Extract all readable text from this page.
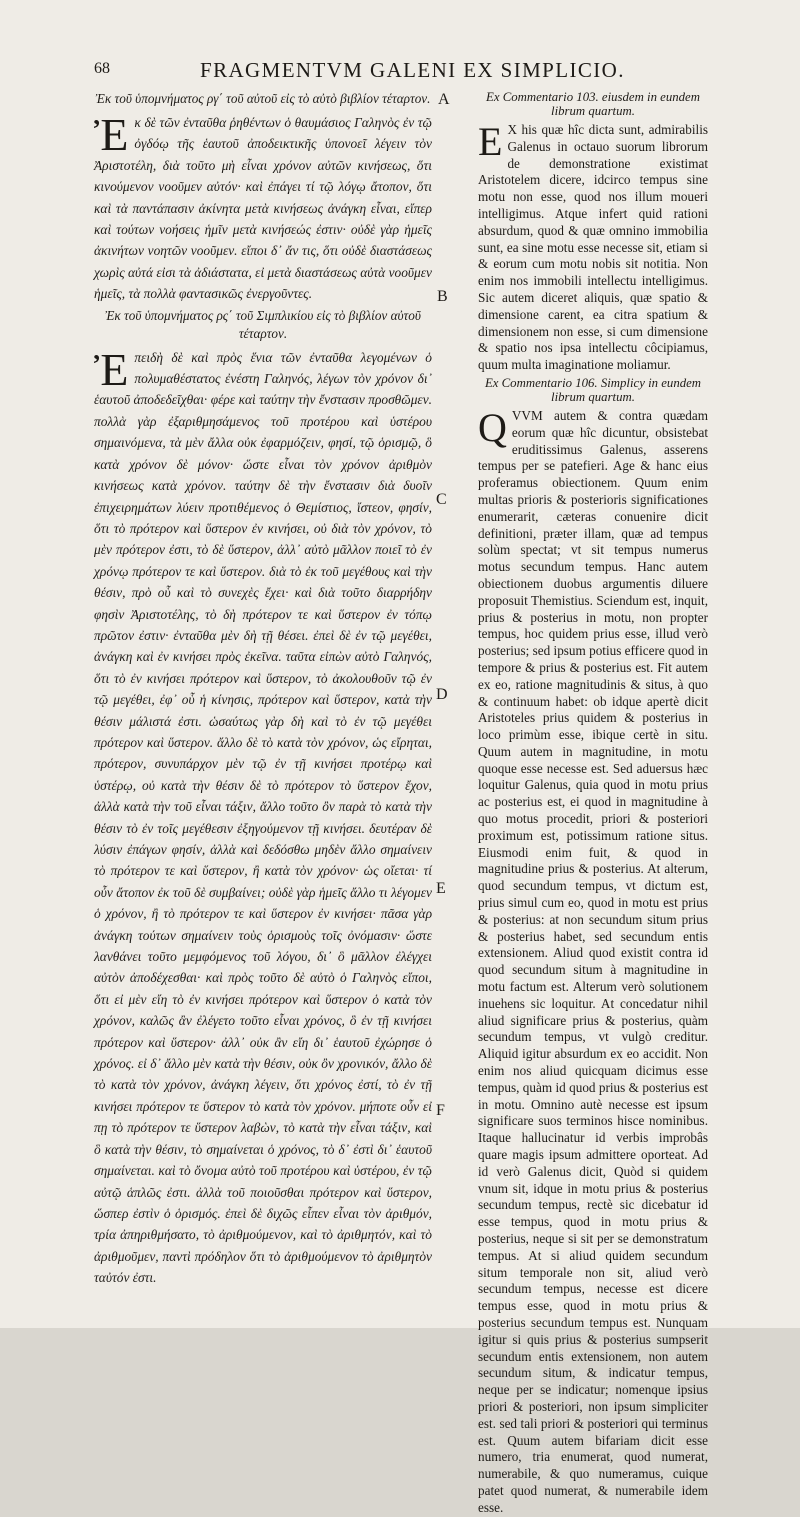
68	FRAGMENTVM GALENI EX SIMPLICIO.
A
B
C
D
E
F

Ἐκ τοῦ ὑπομνήματος ργ΄ τοῦ αὐτοῦ εἰς τὸ αὐτὸ βιβλίον τέταρτον.

Ἐκ δὲ τῶν ἐνταῦθα ῥηθέντων ὁ θαυμάσιος Γαληνὸς ἐν τῷ ὀγδόῳ τῆς ἑαυτοῦ ἀποδεικτικῆς ὑπονοεῖ λέγειν τὸν Ἀριστοτέλη, διὰ τοῦτο μὴ εἶναι χρόνον αὐτῶν κινήσεως, ὅτι κινούμενον νοοῦμεν αὐτόν· καὶ ἐπάγει τί τῷ λόγῳ ἄτοπον, ὅτι καὶ τὰ παντάπασιν ἀκίνητα μετὰ κινήσεως ἀνάγκη εἶναι, εἴπερ καὶ τούτων νοήσεις ἡμῖν μετὰ κινήσεώς ἐστιν· οὐδὲ γὰρ ἡμεῖς ἀκινήτων νοητῶν νοοῦμεν. εἴποι δ᾽ ἄν τις, ὅτι οὐδὲ διαστάσεως χωρὶς αὐτά εἰσι τὰ ἀδιάστατα, εἰ μετὰ διαστάσεως αὐτὰ νοοῦμεν ἡμεῖς, τὰ πολλὰ φαντασικῶς ἐνεργοῦντες.

Ἐκ τοῦ ὑπομνήματος ρς΄ τοῦ Σιμπλικίου εἰς τὸ βιβλίον αὐτοῦ τέταρτον.

Ἐπειδὴ δὲ καὶ πρὸς ἕνια τῶν ἐνταῦθα λεγομένων ὁ πολυμαθέστατος ἐνέστη Γαληνός, λέγων τὸν χρόνον δι᾽ ἑαυτοῦ ἀποδεδεῖχθαι· φέρε καὶ ταύτην τὴν ἔνστασιν προσθῶμεν. πολλὰ γὰρ ἐξαριθμησάμενος τοῦ προτέρου καὶ ὑστέρου σημαινόμενα, τὰ μὲν ἄλλα οὐκ ἐφαρμόζειν, φησί, τῷ ὁρισμῷ, ὃ κατὰ χρόνον δὲ μόνον· ὥστε εἶναι τὸν χρόνον ἀριθμὸν κινήσεως κατὰ χρόνον. ταύτην δὲ τὴν ἔνστασιν διὰ δυοῖν ἐπιχειρημάτων λύειν προτιθέμενος ὁ Θεμίστιος, ἴστεον, φησίν, ὅτι τὸ πρότερον καὶ ὕστερον ἐν κινήσει, οὐ διὰ τὸν χρόνον, τὸ μὲν πρότερον ἐστι, τὸ δὲ ὕστερον, ἀλλ᾽ αὐτὸ μᾶλλον ποιεῖ τὸ ἐν χρόνῳ πρότερον τε καὶ ὕστερον. διὰ τὸ ἐκ τοῦ μεγέθους καὶ τὴν θέσιν, πρὸ οὗ καὶ τὸ συνεχὲς ἔχει· καὶ διὰ τοῦτο διαρρήδην φησὶν Ἀριστοτέλης, τὸ δὴ πρότερον τε καὶ ὕστερον ἐν τόπῳ πρῶτον ἐστιν· ἐνταῦθα μὲν δὴ τῇ θέσει. ἐπεὶ δὲ ἐν τῷ μεγέθει, ἀνάγκη καὶ ἐν κινήσει πρὸς ἐκεῖνα. ταῦτα εἰπὼν αὐτὸ Γαληνός, ὅτι τὸ ἐν κινήσει πρότερον καὶ ὕστερον, τὸ ἀκολουθοῦν τῷ ἐν τῷ μεγέθει, ἐφ᾽ οὗ ἡ κίνησις, πρότερον καὶ ὕστερον, κατὰ τὴν θέσιν μάλιστά ἐστι. ὡσαύτως γὰρ δὴ καὶ τὸ ἐν τῷ μεγέθει πρότερον καὶ ὕστερον. ἄλλο δὲ τὸ κατὰ τὸν χρόνον, ὡς εἴρηται, πρότερον, συνυπάρχον μὲν τῷ ἐν τῇ κινήσει προτέρῳ καὶ ὑστέρῳ, οὐ κατὰ τὴν θέσιν δὲ τὸ πρότερον τὸ ὕστερον ἔχον, ἀλλὰ κατὰ τὴν τοῦ εἶναι τάξιν, ἄλλο τοῦτο ὂν παρὰ τὸ κατὰ τὴν θέσιν τὸ ἐν τοῖς μεγέθεσιν ἐξηγούμενον τῇ κινήσει. δευτέραν δὲ λύσιν ἐπάγων φησίν, ἀλλὰ καὶ δεδόσθω μηδὲν ἄλλο σημαίνειν τὸ πρότερον τε καὶ ὕστερον, ἢ κατὰ τὸν χρόνον· ὡς οἴεται· τί οὖν ἄτοπον ἐκ τοῦ δὲ συμβαίνει; οὐδὲ γὰρ ἡμεῖς ἄλλο τι λέγομεν ὁ χρόνον, ἢ τὸ πρότερον τε καὶ ὕστερον ἐν κινήσει· πᾶσα γὰρ ἀνάγκη τούτων σημαίνειν τοὺς ὁρισμοὺς τοῖς ὀνόμασιν· ὥστε λανθάνει τοῦτο μεμφόμενος τοῦ λόγου, δι᾽ ὃ μᾶλλον ἐλέγχει αὐτὸν ἀποδέχεσθαι· καὶ πρὸς τοῦτο δὲ αὐτὸ ὁ Γαληνὸς εἴποι, ὅτι εἰ μὲν εἴη τὸ ἐν κινήσει πρότερον καὶ ὕστερον ὁ κατὰ τὸν χρόνον, καλῶς ἂν ἐλέγετο τοῦτο εἶναι χρόνος, ὃ ἐν τῇ κινήσει πρότερον καὶ ὕστερον· ἀλλ᾽ οὐκ ἂν εἴη δι᾽ ἑαυτοῦ ἐχώρησε ὁ χρόνος. εἰ δ᾽ ἄλλο μὲν κατὰ τὴν θέσιν, οὐκ ὂν χρονικόν, ἄλλο δὲ τὸ κατὰ τὸν χρόνον, ἀνάγκη λέγειν, ὅτι χρόνος ἐστί, τὸ ἐν τῇ κινήσει πρότερον τε ὕστερον τὸ κατὰ τὸν χρόνον. μήποτε οὖν εἰ πῃ τὸ πρότερον τε ὕστερον λαβὼν, τὸ κατὰ τὴν εἶναι τάξιν, καὶ ὃ κατὰ τὴν θέσιν, τὸ σημαίνεται ὁ χρόνος, τὸ δ᾽ ἐστὶ δι᾽ ἑαυτοῦ σημαίνεται. καὶ τὸ ὄνομα αὐτὸ τοῦ προτέρου καὶ ὑστέρου, ἐν τῷ αὐτῷ ἁπλῶς ἐστι. ἀλλὰ τοῦ ποιοῦσθαι πρότερον καὶ ὕστερον, ὥσπερ ἐστὶν ὁ ὁρισμός. ἐπεὶ δὲ διχῶς εἶπεν εἶναι τὸν ἀριθμόν, τρία ἀπηριθμήσατο, τὸ ἀριθμούμενον, καὶ τὸ ἀριθμητόν, καὶ τὸ ἀριθμοῦμεν, παντὶ πρόδηλον ὅτι τὸ ἀριθμούμενον τὸ ἀριθμητὸν ταὐτόν ἐστι.

Ex Commentario 103. eiusdem in eundem librum quartum.

E X his quæ hîc dicta sunt, admirabilis Galenus in octauo suorum librorum de demonstratione existimat Aristotelem dicere, idcirco tempus sine motu non esse, quod nos illum moueri intelligimus. Atque infert quid rationi absurdum, quod & quæ omnino immobilia sunt, ea sine motu esse necesse sit, etiam si & eorum cum motu nobis sit notitia. Non enim nos immobili intellectu intelligimus. Sic autem diceret aliquis, quæ spatio & dimensione carent, ea citra spatium & dimensionem non esse, si cum dimensione & spatio nos ipsa intellectu côcipiamus, quum multa imaginatione moliamur.

Ex Commentario 106. Simplicy in eundem librum quartum.

QVVM autem & contra quædam eorum quæ hîc dicuntur, obsistebat eruditissimus Galenus, asserens tempus per se patefieri. Age & hanc eius proferamus obiectionem. Quum enim multas prioris & posterioris significationes enumerarit, cæteras conuenire dicit definitioni, præter illam, quæ ad tempus solùm spectat; vt sit tempus numerus motus secundum tempus. Hanc autem obiectionem duobus argumentis diluere proposuit Themistius. Sciendum est, inquit, prius & posterius in motu, non propter tempus, hoc quidem prius esse, illud verò posterius; sed ipsum potius efficere quod in tempore & prius & posterius est. Fit autem ex eo, ratione magnitudinis & situs, à quo & continuum habet: ob idque apertè dicit Aristoteles prius quidem & posterius in loco primùm esse, ibique certè in situ. Quum autem in magnitudine, in motu quoque esse necesse est. Sed aduersus hæc loquitur Galenus, quia quod in motu prius ac posterius est, ei quod in magnitudine à quo motus procedit, priori & posteriori proximum est, potissimum ratione situs. Eiusmodi enim fuit, & quod in magnitudine prius & posterius. At alterum, quod secundum tempus, vt dictum est, prius simul cum eo, quod in motu est prius & posterius: at non secundum situm prius & posterius habet, sed secundum entis extensionem. Aliud quod existit contra id quod secundum situm à magnitudine in motu factum est. Alterum verò solutionem inuehens sic loquitur. At concedatur nihil aliud significare prius & posterius, quàm secundum tempus, vt vulgò creditur. Aliquid igitur absurdum ex eo accidit. Non enim nos aliud quicquam dicimus esse tempus, quàm id quod prius & posterius est in motu. Omnino autè necesse est ipsum significare suos terminos hisce nominibus. Itaque hallucinatur id verbis improbâs quare magis ipsum admittere oporteat. Ad id verò Galenus dicit, Quòd si quidem vnum sit, idque in motu prius & posterius secundum tempus, rectè sic dicebatur id esse tempus, quod in motu prius & posterius, neque si sit per se demonstratum tempus. At si aliud quidem secundum situm temporale non sit, aliud verò secundum tempus, necesse est dicere tempus esse, quod in motu prius & posterius secundum tempus est. Nunquam igitur si quis prius & posterius sumpserit secundum entis extensionem, non autem secundum situm, & indicatur tempus, neque per se indicatur; nomenque ipsius priori & posteriori, non ipsum simpliciter est. sed tali priori & posteriori qui terminus est. Quum autem bifariam dicit esse numero, tria enumerat, quod numerat, numerabile, & quo numeramus, cuique patet quod numerat, & numerabile idem esse.
